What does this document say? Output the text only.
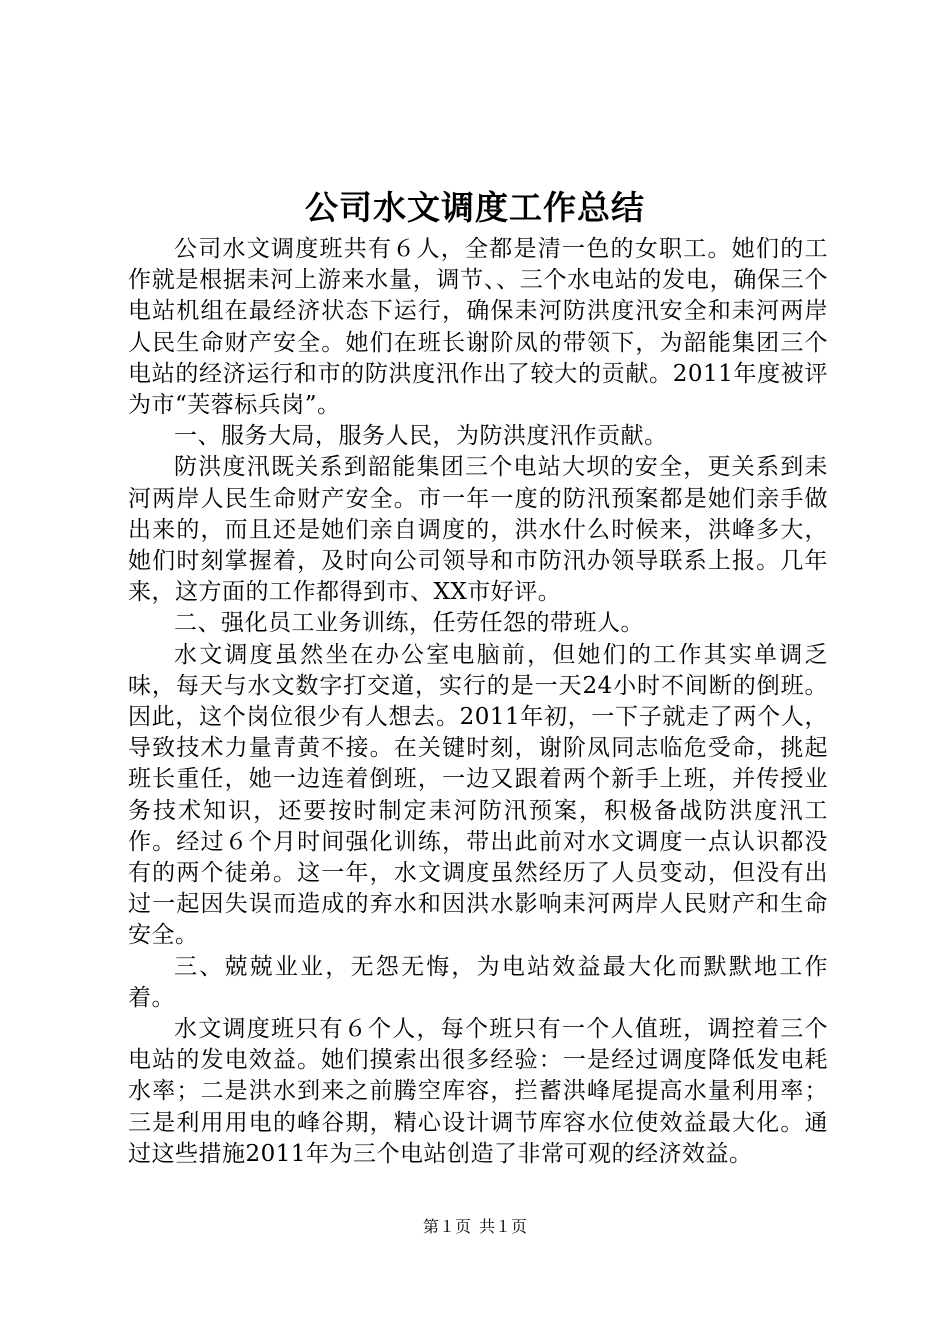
公司水文调度工作总结

公司水文调度班共有６人，全都是清一色的女职工。她们的工作就是根据耒河上游来水量，调节、、三个水电站的发电，确保三个电站机组在最经济状态下运行，确保耒河防洪度汛安全和耒河两岸人民生命财产安全。她们在班长谢阶凤的带领下，为韶能集团三个电站的经济运行和市的防洪度汛作出了较大的贡献。2011年度被评为市“芙蓉标兵岗”。

一、服务大局，服务人民，为防洪度汛作贡献。

防洪度汛既关系到韶能集团三个电站大坝的安全，更关系到耒河两岸人民生命财产安全。市一年一度的防汛预案都是她们亲手做出来的，而且还是她们亲自调度的，洪水什么时候来，洪峰多大，她们时刻掌握着，及时向公司领导和市防汛办领导联系上报。几年来，这方面的工作都得到市、XX市好评。

二、强化员工业务训练，任劳任怨的带班人。

水文调度虽然坐在办公室电脑前，但她们的工作其实单调乏味，每天与水文数字打交道，实行的是一天24小时不间断的倒班。因此，这个岗位很少有人想去。2011年初，一下子就走了两个人，导致技术力量青黄不接。在关键时刻，谢阶凤同志临危受命，挑起班长重任，她一边连着倒班，一边又跟着两个新手上班，并传授业务技术知识，还要按时制定耒河防汛预案，积极备战防洪度汛工作。经过６个月时间强化训练，带出此前对水文调度一点认识都没有的两个徒弟。这一年，水文调度虽然经历了人员变动，但没有出过一起因失误而造成的弃水和因洪水影响耒河两岸人民财产和生命安全。

三、兢兢业业，无怨无悔，为电站效益最大化而默默地工作着。

水文调度班只有６个人，每个班只有一个人值班，调控着三个电站的发电效益。她们摸索出很多经验：一是经过调度降低发电耗水率；二是洪水到来之前腾空库容，拦蓄洪峰尾提高水量利用率；三是利用用电的峰谷期，精心设计调节库容水位使效益最大化。通过这些措施2011年为三个电站创造了非常可观的经济效益。

第１页 共１页
